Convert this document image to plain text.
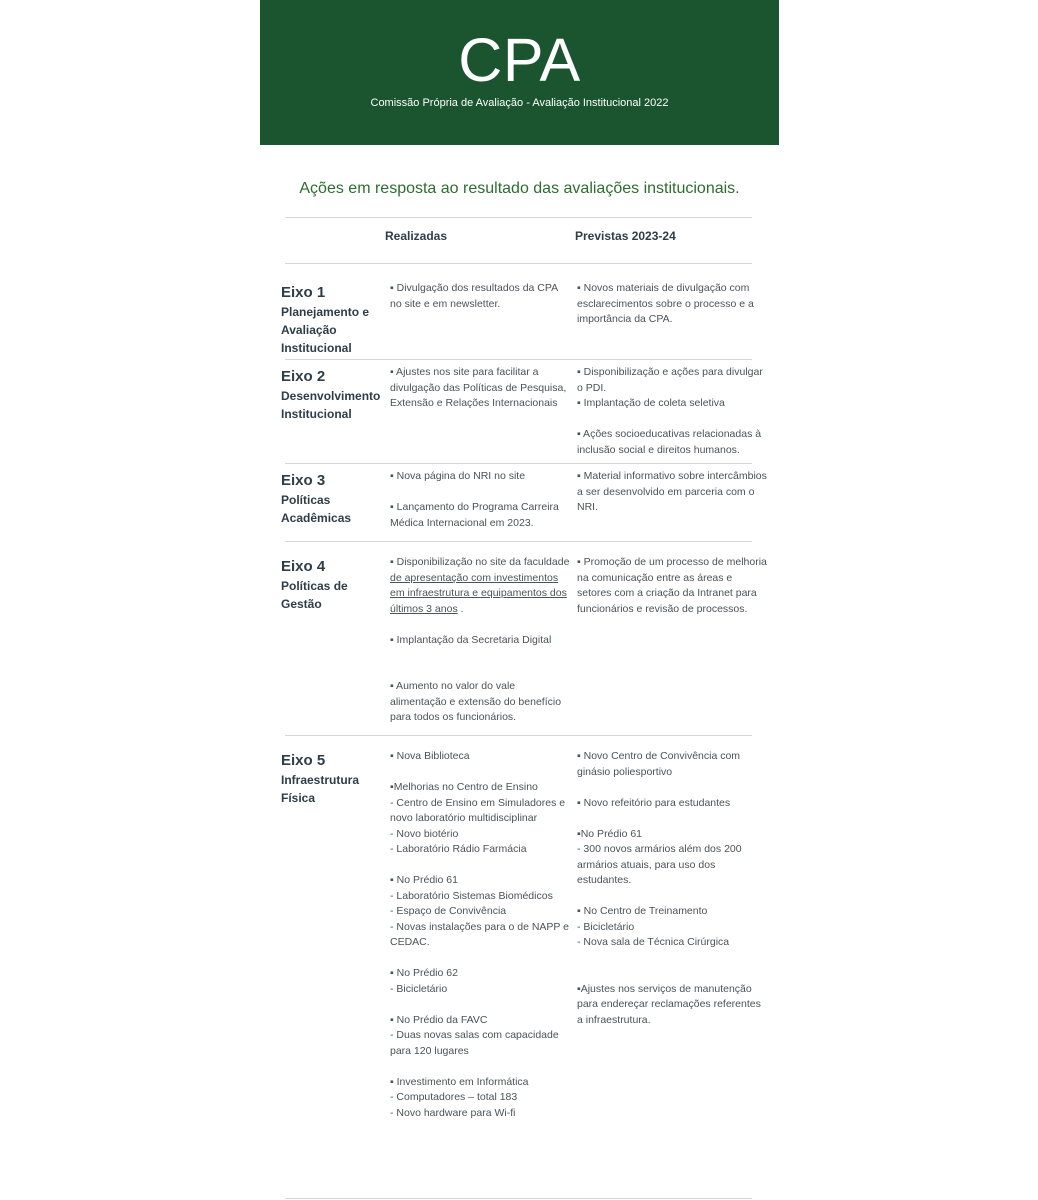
CPA
Comissão Própria de Avaliação - Avaliação Institucional 2022
Ações em resposta ao resultado das avaliações institucionais.
Realizadas	Previstas 2023-24
Eixo 1
Planejamento e Avaliação Institucional

▪ Divulgação dos resultados da CPA no site e em newsletter.

▪ Novos materiais de divulgação com esclarecimentos sobre o processo e a importância da CPA.

Eixo 2
Desenvolvimento Institucional

▪ Ajustes nos site para facilitar a divulgação das Políticas de Pesquisa, Extensão e Relações Internacionais

▪ Disponibilização e ações para divulgar o PDI.

▪ Implantação de coleta seletiva

▪ Ações socioeducativas relacionadas à inclusão social e direitos humanos.

Eixo 3
Políticas Acadêmicas

▪ Nova página do NRI no site

▪ Lançamento do Programa Carreira Médica Internacional em 2023.

▪ Material informativo sobre intercâmbios a ser desenvolvido em parceria com o NRI.

Eixo 4
Políticas de Gestão

▪ Disponibilização no site da faculdade de apresentação com investimentos em infraestrutura e equipamentos dos últimos 3 anos .

▪ Implantação da Secretaria Digital

▪ Aumento no valor do vale alimentação e extensão do benefício para todos os funcionários.

▪ Promoção de um processo de melhoria na comunicação entre as áreas e setores com a criação da Intranet para funcionários e revisão de processos.

Eixo 5
Infraestrutura Física

▪ Nova Biblioteca

▪Melhorias no Centro de Ensino
- Centro de Ensino em Simuladores e novo laboratório multidisciplinar
- Novo biotério
- Laboratório Rádio Farmácia

▪ No Prédio 61
- Laboratório Sistemas Biomédicos
- Espaço de Convivência
- Novas instalações para o de NAPP e CEDAC.

▪ No Prédio 62
- Bicicletário

▪ No Prédio da FAVC
- Duas novas salas com capacidade para 120 lugares

▪ Investimento em Informática
- Computadores – total 183
- Novo hardware para Wi-fi

▪ Novo Centro de Convivência com ginásio poliesportivo

▪ Novo refeitório para estudantes

▪No Prédio 61
- 300 novos armários além dos 200 armários atuais, para uso dos estudantes.

▪ No Centro de Treinamento
- Bicicletário
- Nova sala de Técnica Cirúrgica

▪Ajustes nos serviços de manutenção para endereçar reclamações referentes a infraestrutura.
